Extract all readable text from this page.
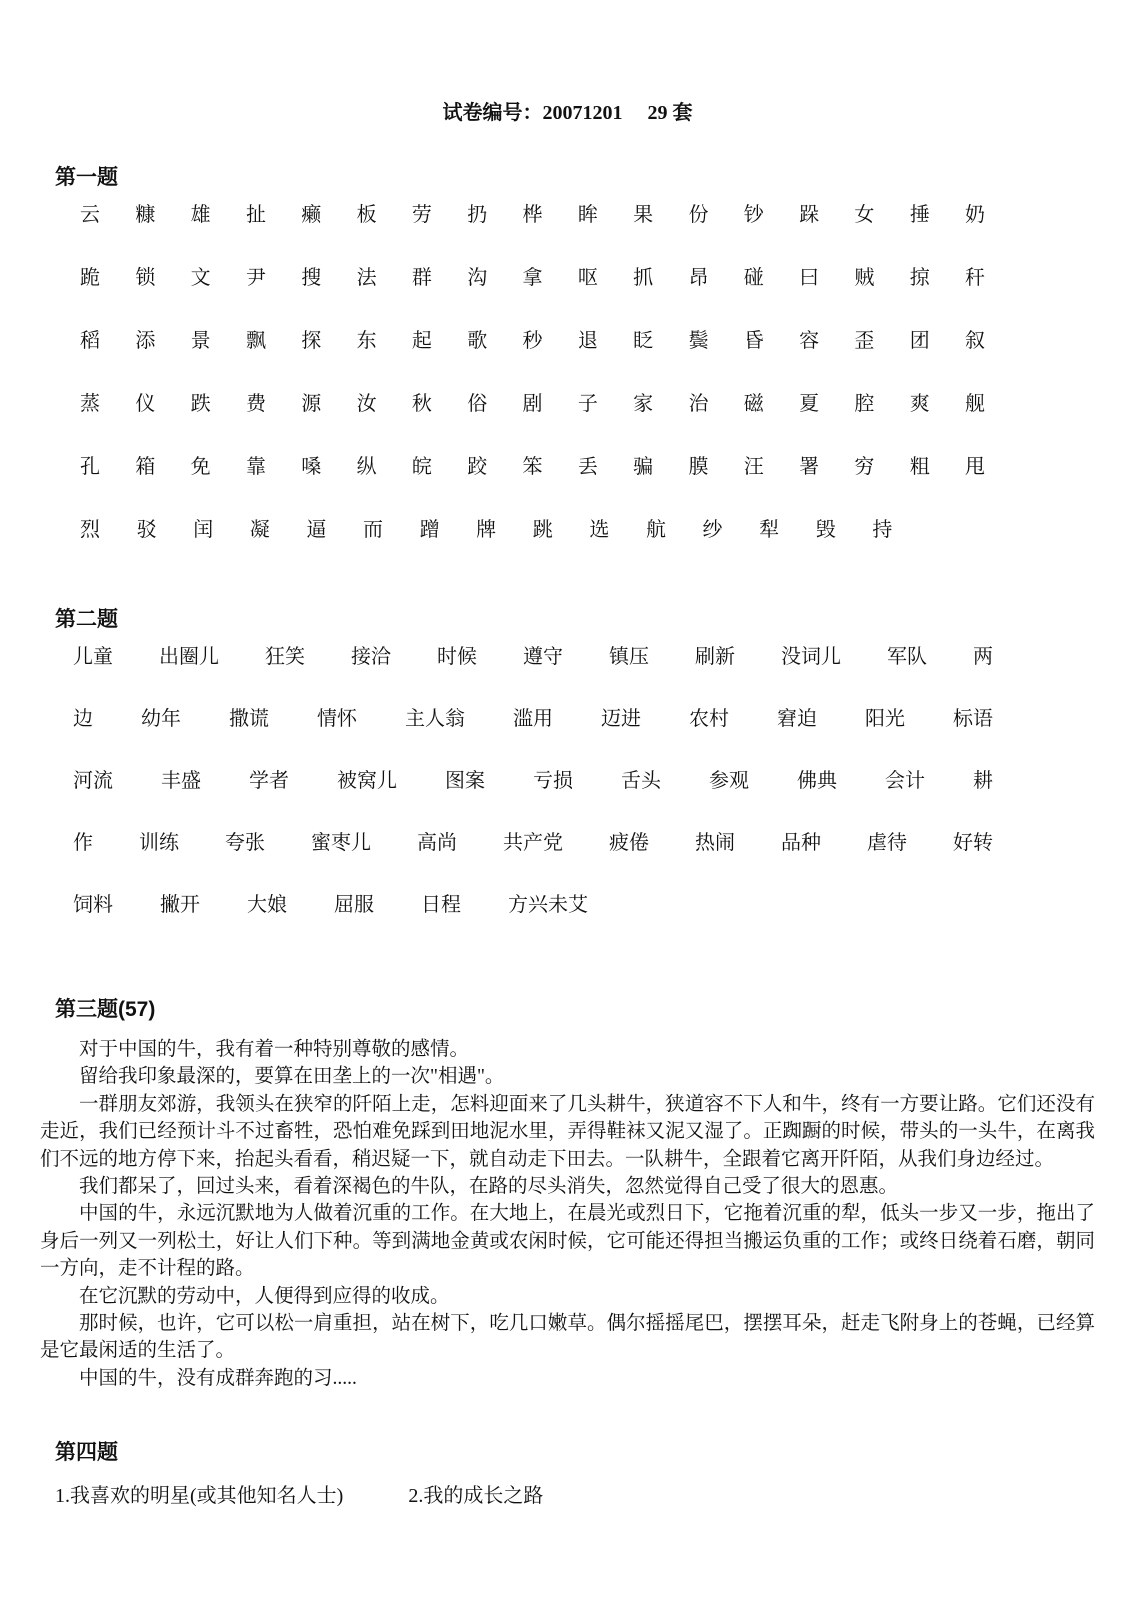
试卷编号：20071201     29 套
第一题
云 糠 雄 扯 癞 板 劳 扔 桦 眸 果 份 钞 跺 女 捶 奶
跪 锁 文 尹 搜 法 群 沟 拿 呕 抓 昂 碰 曰 贼 掠 秆
稻 添 景 飘 探 东 起 歌 秒 退 眨 鬓 昏 容 歪 团 叙
蒸 仪 跌 费 源 汝 秋 俗 剧 子 家 治 磁 夏 腔 爽 舰
孔 箱 免 靠 嗓 纵 皖 跤 笨 丢 骗 膜 汪 署 穷 粗 甩
烈 驳 闰 凝 逼 而 蹭 牌 跳 选 航 纱 犁 毁 持
第二题
儿童 出圈儿 狂笑 接洽 时候 遵守 镇压 刷新 没词儿 军队 两
边 幼年 撒谎 情怀 主人翁 滥用 迈进 农村 窘迫 阳光 标语
河流 丰盛 学者 被窝儿 图案 亏损 舌头 参观 佛典 会计 耕
作 训练 夸张 蜜枣儿 高尚 共产党 疲倦 热闹 品种 虐待 好转
饲料 撇开 大娘 屈服 日程 方兴未艾
第三题(57)

对于中国的牛，我有着一种特别尊敬的感情。

留给我印象最深的，要算在田垄上的一次"相遇"。

一群朋友郊游，我领头在狭窄的阡陌上走，怎料迎面来了几头耕牛，狭道容不下人和牛，终有一方要让路。它们还没有走近，我们已经预计斗不过畜牲，恐怕难免踩到田地泥水里，弄得鞋袜又泥又湿了。正踟蹰的时候，带头的一头牛，在离我们不远的地方停下来，抬起头看看，稍迟疑一下，就自动走下田去。一队耕牛，全跟着它离开阡陌，从我们身边经过。

我们都呆了，回过头来，看着深褐色的牛队，在路的尽头消失，忽然觉得自己受了很大的恩惠。

中国的牛，永远沉默地为人做着沉重的工作。在大地上，在晨光或烈日下，它拖着沉重的犁，低头一步又一步，拖出了身后一列又一列松土，好让人们下种。等到满地金黄或农闲时候，它可能还得担当搬运负重的工作；或终日绕着石磨，朝同一方向，走不计程的路。

在它沉默的劳动中，人便得到应得的收成。

那时候，也许，它可以松一肩重担，站在树下，吃几口嫩草。偶尔摇摇尾巴，摆摆耳朵，赶走飞附身上的苍蝇，已经算是它最闲适的生活了。

中国的牛，没有成群奔跑的习.....

第四题
1.我喜欢的明星(或其他知名人士)	2.我的成长之路
